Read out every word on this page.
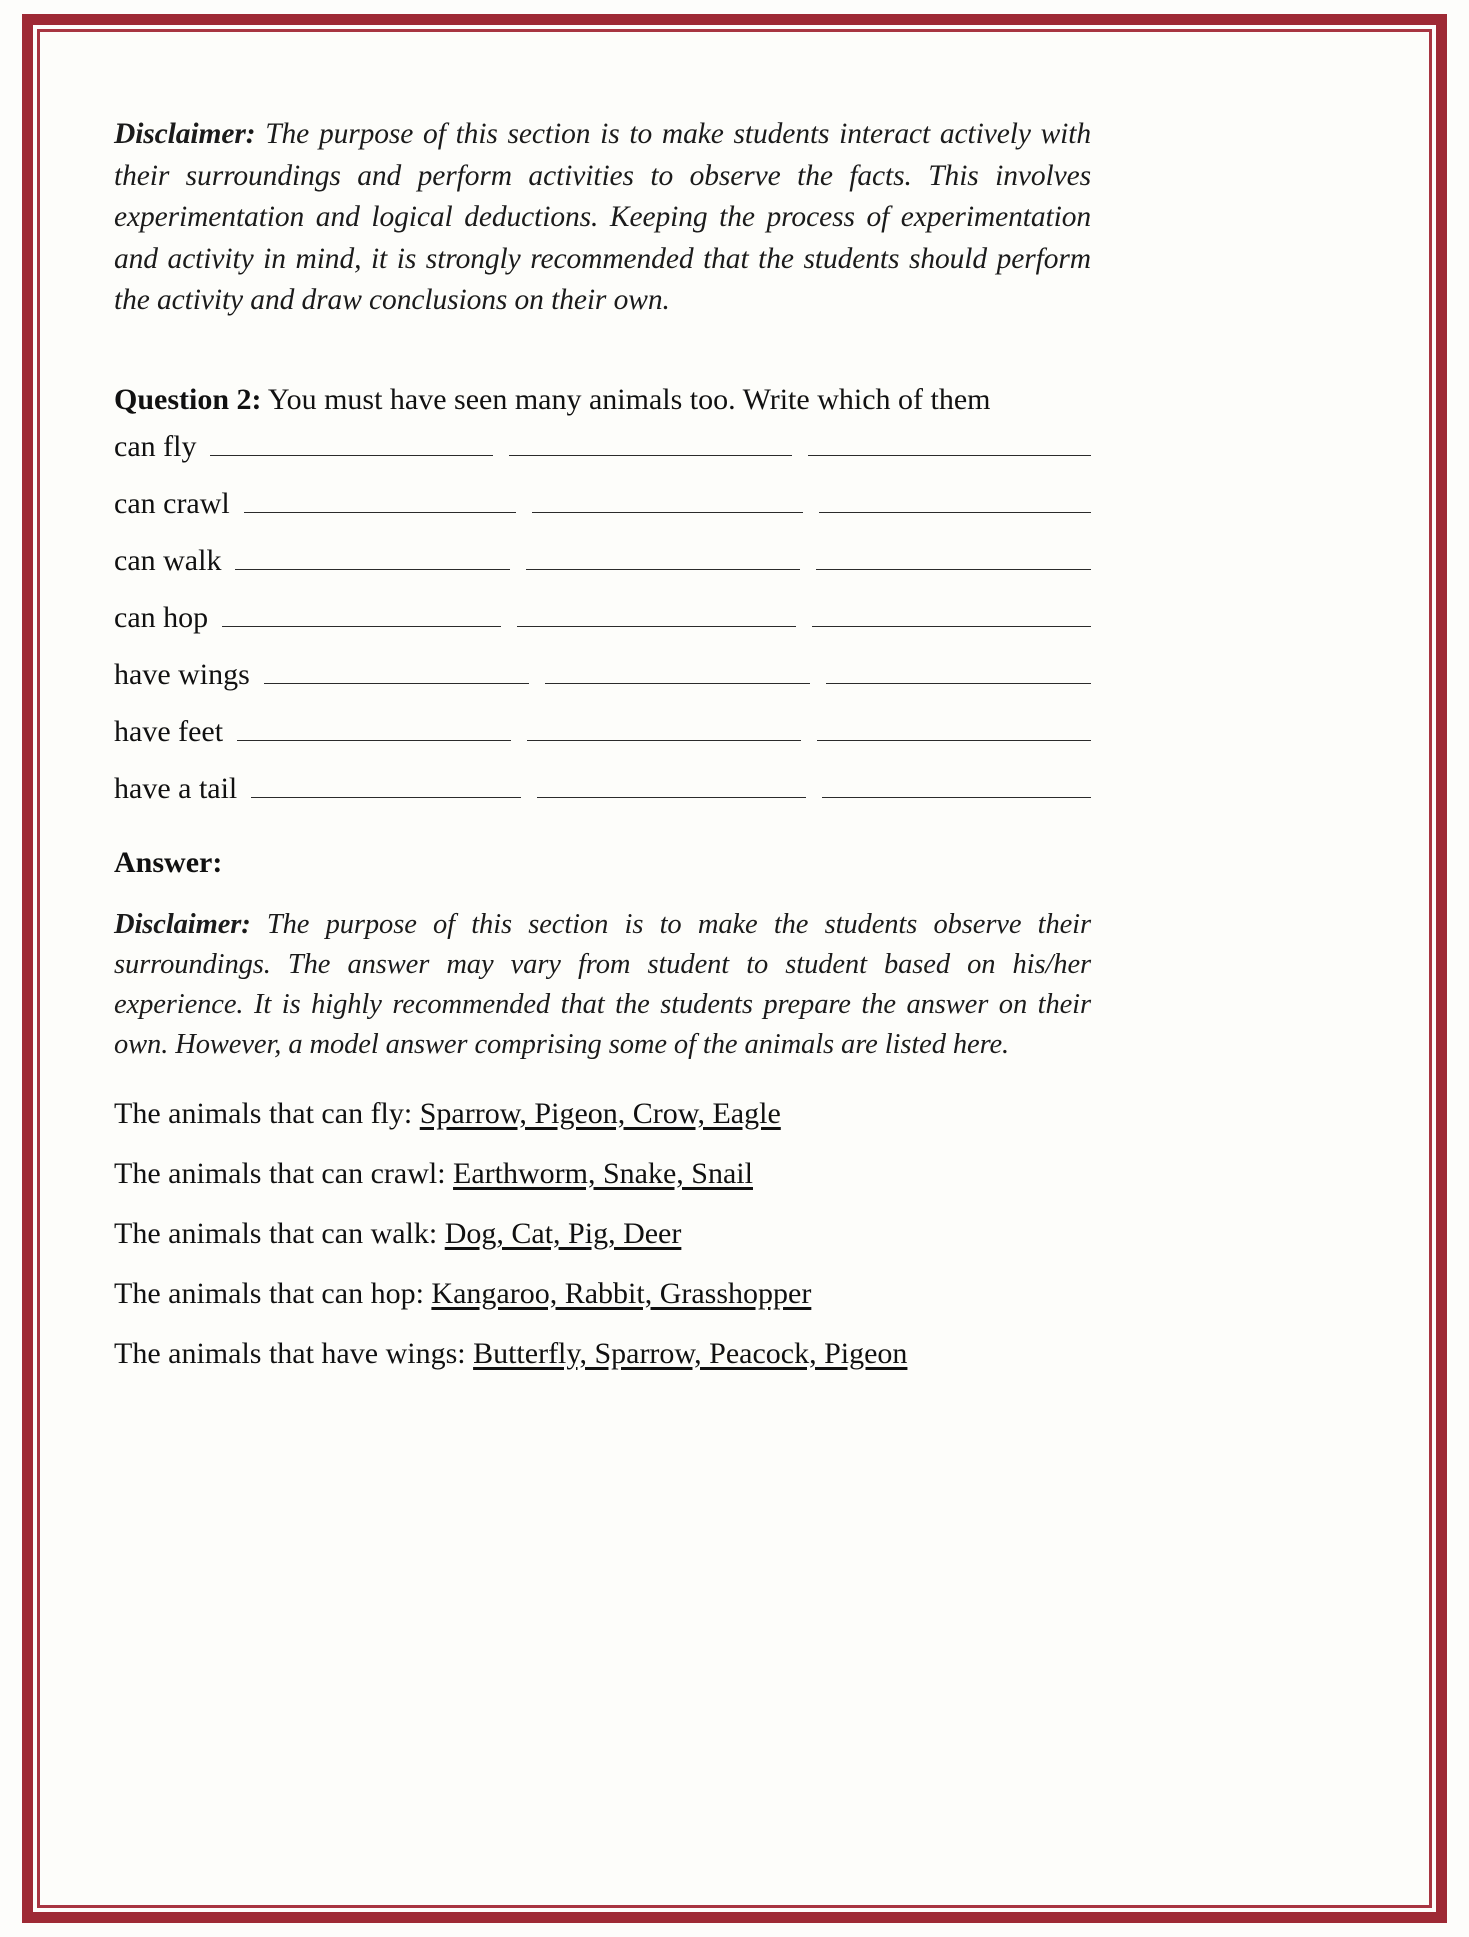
Disclaimer: The purpose of this section is to make students interact actively with their surroundings and perform activities to observe the facts. This involves experimentation and logical deductions. Keeping the process of experimentation and activity in mind, it is strongly recommended that the students should perform the activity and draw conclusions on their own.

Question 2: You must have seen many animals too. Write which of them

can fly
can crawl
can walk
can hop
have wings
have feet
have a tail

Answer:

Disclaimer: The purpose of this section is to make the students observe their surroundings. The answer may vary from student to student based on his/her experience. It is highly recommended that the students prepare the answer on their own. However, a model answer comprising some of the animals are listed here.

The animals that can fly: Sparrow, Pigeon, Crow, Eagle

The animals that can crawl: Earthworm, Snake, Snail

The animals that can walk: Dog, Cat, Pig, Deer

The animals that can hop: Kangaroo, Rabbit, Grasshopper

The animals that have wings: Butterfly, Sparrow, Peacock, Pigeon
